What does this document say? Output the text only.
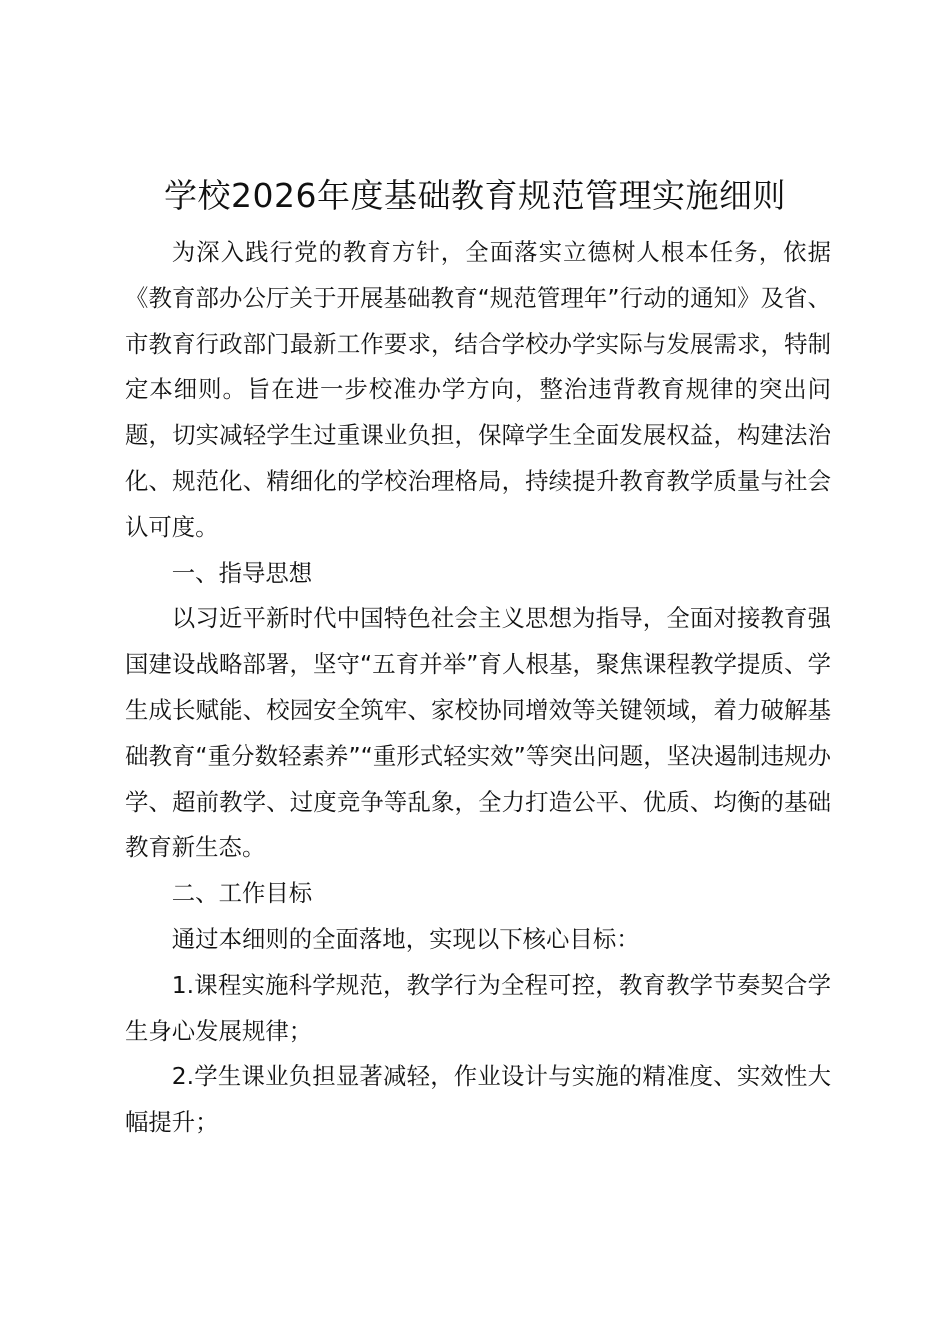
学校2026年度基础教育规范管理实施细则

为深入践行党的教育方针，全面落实立德树人根本任务，依据《教育部办公厅关于开展基础教育“规范管理年”行动的通知》及省、市教育行政部门最新工作要求，结合学校办学实际与发展需求，特制定本细则。旨在进一步校准办学方向，整治违背教育规律的突出问题，切实减轻学生过重课业负担，保障学生全面发展权益，构建法治化、规范化、精细化的学校治理格局，持续提升教育教学质量与社会认可度。

一、指导思想

以习近平新时代中国特色社会主义思想为指导，全面对接教育强国建设战略部署，坚守“五育并举”育人根基，聚焦课程教学提质、学生成长赋能、校园安全筑牢、家校协同增效等关键领域，着力破解基础教育“重分数轻素养”“重形式轻实效”等突出问题，坚决遏制违规办学、超前教学、过度竞争等乱象，全力打造公平、优质、均衡的基础教育新生态。

二、工作目标

通过本细则的全面落地，实现以下核心目标：

1.课程实施科学规范，教学行为全程可控，教育教学节奏契合学生身心发展规律；

2.学生课业负担显著减轻，作业设计与实施的精准度、实效性大幅提升；
